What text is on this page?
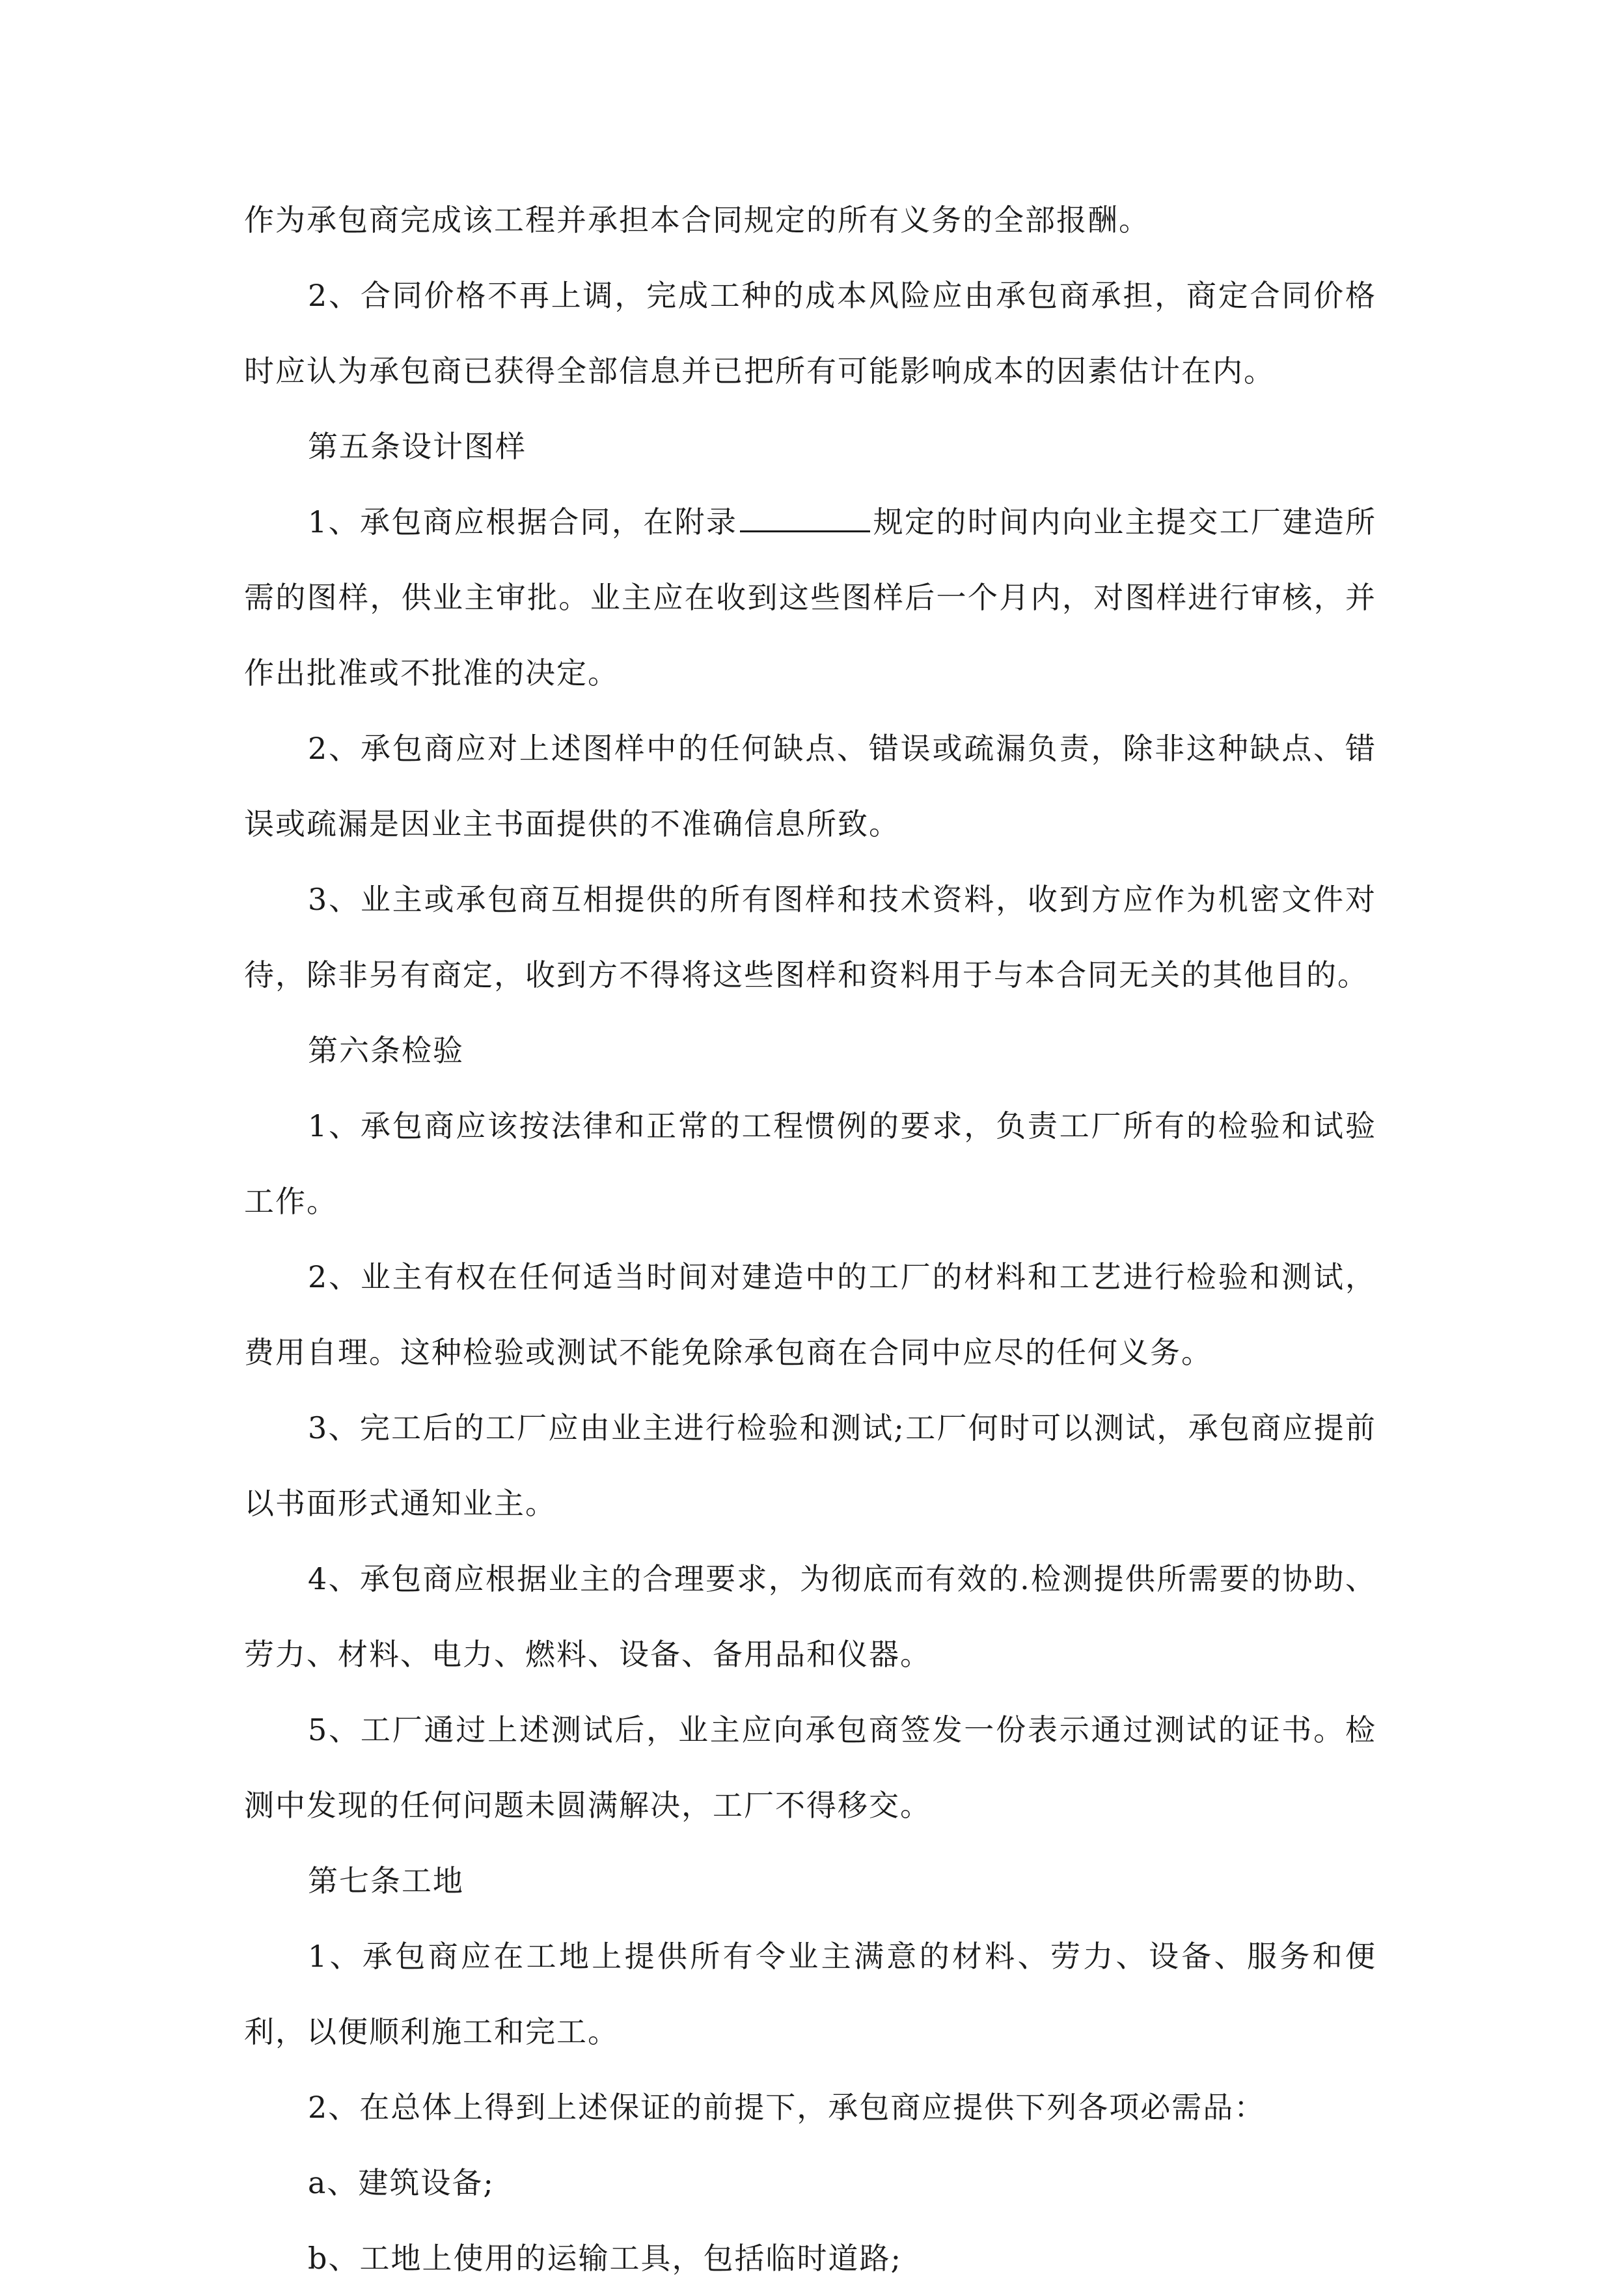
作为承包商完成该工程并承担本合同规定的所有义务的全部报酬。

2、合同价格不再上调，完成工种的成本风险应由承包商承担，商定合同价格时应认为承包商已获得全部信息并已把所有可能影响成本的因素估计在内。

第五条设计图样

1、承包商应根据合同，在附录	规定的时间内向业主提交工厂建造所需的图样，供业主审批。业主应在收到这些图样后一个月内，对图样进行审核，并作出批准或不批准的决定。

2、承包商应对上述图样中的任何缺点、错误或疏漏负责，除非这种缺点、错误或疏漏是因业主书面提供的不准确信息所致。

3、业主或承包商互相提供的所有图样和技术资料，收到方应作为机密文件对待，除非另有商定，收到方不得将这些图样和资料用于与本合同无关的其他目的。

第六条检验

1、承包商应该按法律和正常的工程惯例的要求，负责工厂所有的检验和试验工作。

2、业主有权在任何适当时间对建造中的工厂的材料和工艺进行检验和测试，费用自理。这种检验或测试不能免除承包商在合同中应尽的任何义务。

3、完工后的工厂应由业主进行检验和测试;工厂何时可以测试，承包商应提前以书面形式通知业主。

4、承包商应根据业主的合理要求，为彻底而有效的.检测提供所需要的协助、劳力、材料、电力、燃料、设备、备用品和仪器。

5、工厂通过上述测试后，业主应向承包商签发一份表示通过测试的证书。检测中发现的任何问题未圆满解决，工厂不得移交。

第七条工地

1、承包商应在工地上提供所有令业主满意的材料、劳力、设备、服务和便利，以便顺利施工和完工。

2、在总体上得到上述保证的前提下，承包商应提供下列各项必需品：

a、建筑设备;

b、工地上使用的运输工具，包括临时道路;
